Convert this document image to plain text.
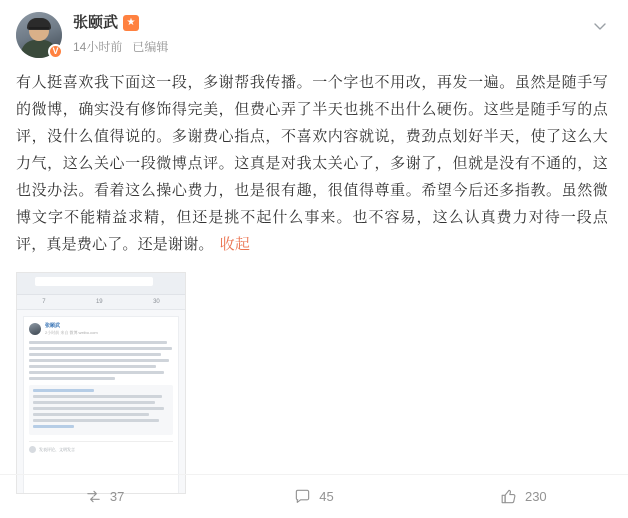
V
张颐武 ★
14小时前 已编辑
有人挺喜欢我下面这一段，多谢帮我传播。一个字也不用改，再发一遍。虽然是随手写的微博，确实没有修饰得完美，但费心弄了半天也挑不出什么硬伤。这些是随手写的点评，没什么值得说的。多谢费心指点，不喜欢内容就说，费劲点划好半天，使了这么大力气，这么关心一段微博点评。这真是对我太关心了，多谢了，但就是没有不通的，这也没办法。看着这么操心费力，也是很有趣，很值得尊重。希望今后还多指教。虽然微博文字不能精益求精，但还是挑不起什么事来。也不容易，这么认真费力对待一段点评，真是费心了。还是谢谢。 收起
7	19	30
张颐武
2小时前 来自 微博 weibo.com
发表评论、文明发言
37	45	230
